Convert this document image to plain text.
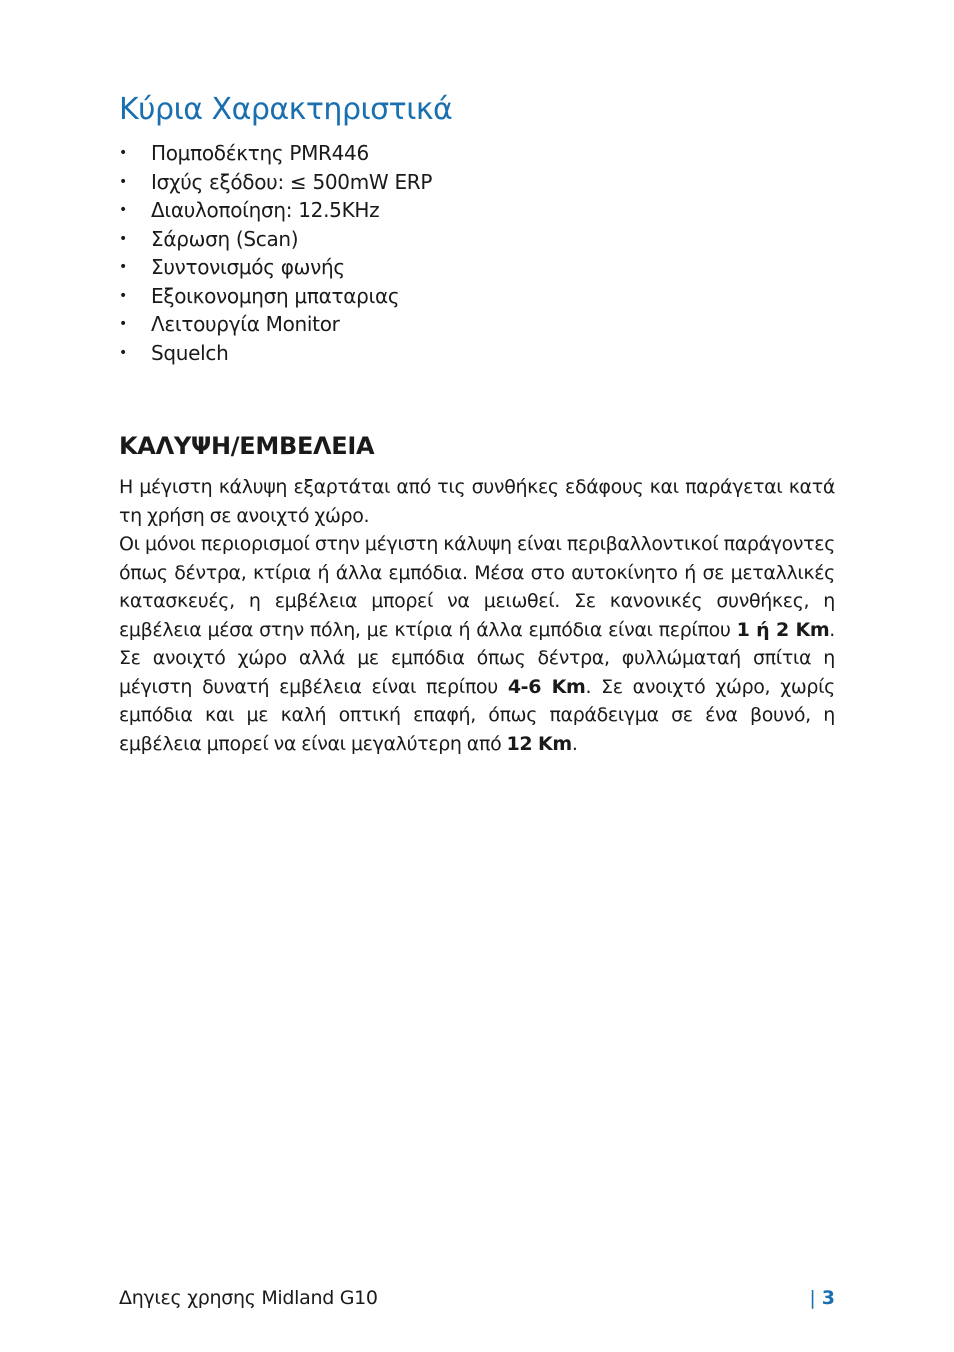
Κύρια Χαρακτηριστικά
• Πομποδέκτης PMR446
• Ισχύς εξόδου: ≤ 500mW ERP
• Διαυλοποίηση: 12.5KHz
• Σάρωση (Scan)
• Συντονισμός φωνής
• Εξοικονομηση μπαταριας
• Λειτουργία Monitor
• Squelch
ΚΑΛΥΨΗ/ΕΜΒΕΛΕΙΑ

Η μέγιστη κάλυψη εξαρτάται από τις συνθήκες εδάφους και παράγεται κατά τη χρήση σε ανοιχτό χώρο.

Οι μόνοι περιορισμοί στην μέγιστη κάλυψη είναι περιβαλλοντικοί παράγοντες όπως δέντρα, κτίρια ή άλλα εμπόδια. Μέσα στο αυτοκίνητο ή σε μεταλλικές κατασκευές, η εμβέλεια μπορεί να μειωθεί. Σε κανονικές συνθήκες, η εμβέλεια μέσα στην πόλη, με κτίρια ή άλλα εμπόδια είναι περίπου 1 ή 2 Km. Σε ανοιχτό χώρο αλλά με εμπόδια όπως δέντρα, φυλλώματαή σπίτια η μέγιστη δυνατή εμβέλεια είναι περίπου 4-6 Km. Σε ανοιχτό χώρο, χωρίς εμπόδια και με καλή οπτική επαφή, όπως παράδειγμα σε ένα βουνό, η εμβέλεια μπορεί να είναι μεγαλύτερη από 12 Km.

Δηγιες χρησης Midland G10	| 3
